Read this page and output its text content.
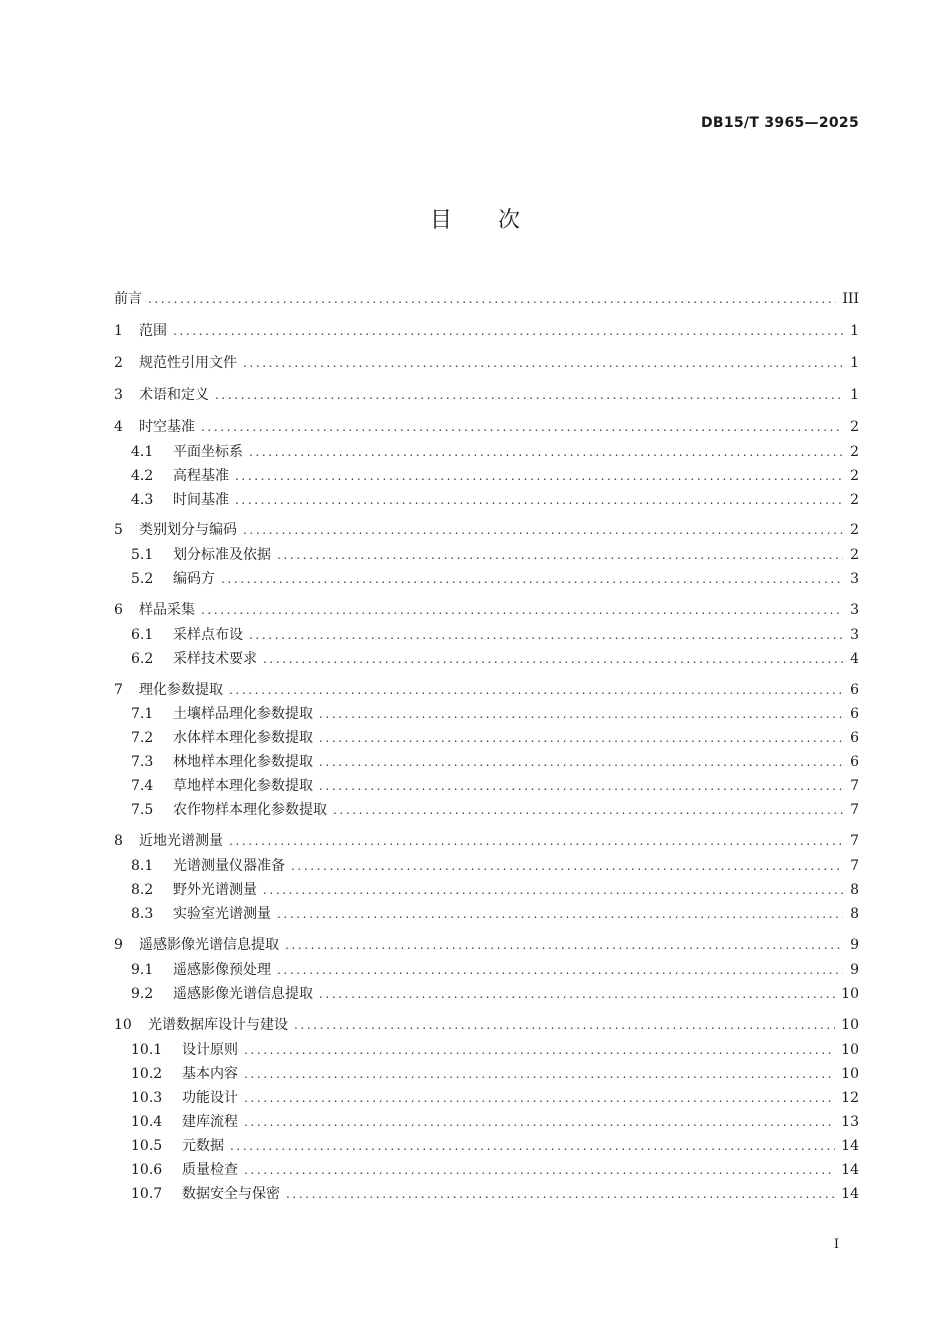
DB15/T 3965—2025
目次
前言 .....	III
1	范围 .....	1
2	规范性引用文件 .....	1
3	术语和定义 .....	1
4	时空基准 .....	2
4.1	平面坐标系 .....	2
4.2	高程基准 .....	2
4.3	时间基准 .....	2
5	类别划分与编码 .....	2
5.1	划分标准及依据 .....	2
5.2	编码方 .....	3
6	样品采集 .....	3
6.1	采样点布设 .....	3
6.2	采样技术要求 .....	4
7	理化参数提取 .....	6
7.1	土壤样品理化参数提取 .....	6
7.2	水体样本理化参数提取 .....	6
7.3	林地样本理化参数提取 .....	6
7.4	草地样本理化参数提取 .....	7
7.5	农作物样本理化参数提取 .....	7
8	近地光谱测量 .....	7
8.1	光谱测量仪器准备 .....	7
8.2	野外光谱测量 .....	8
8.3	实验室光谱测量 .....	8
9	遥感影像光谱信息提取 .....	9
9.1	遥感影像预处理 .....	9
9.2	遥感影像光谱信息提取 .....	10
10	光谱数据库设计与建设 .....	10
10.1	设计原则 .....	10
10.2	基本内容 .....	10
10.3	功能设计 .....	12
10.4	建库流程 .....	13
10.5	元数据 .....	14
10.6	质量检查 .....	14
10.7	数据安全与保密 .....	14
I
